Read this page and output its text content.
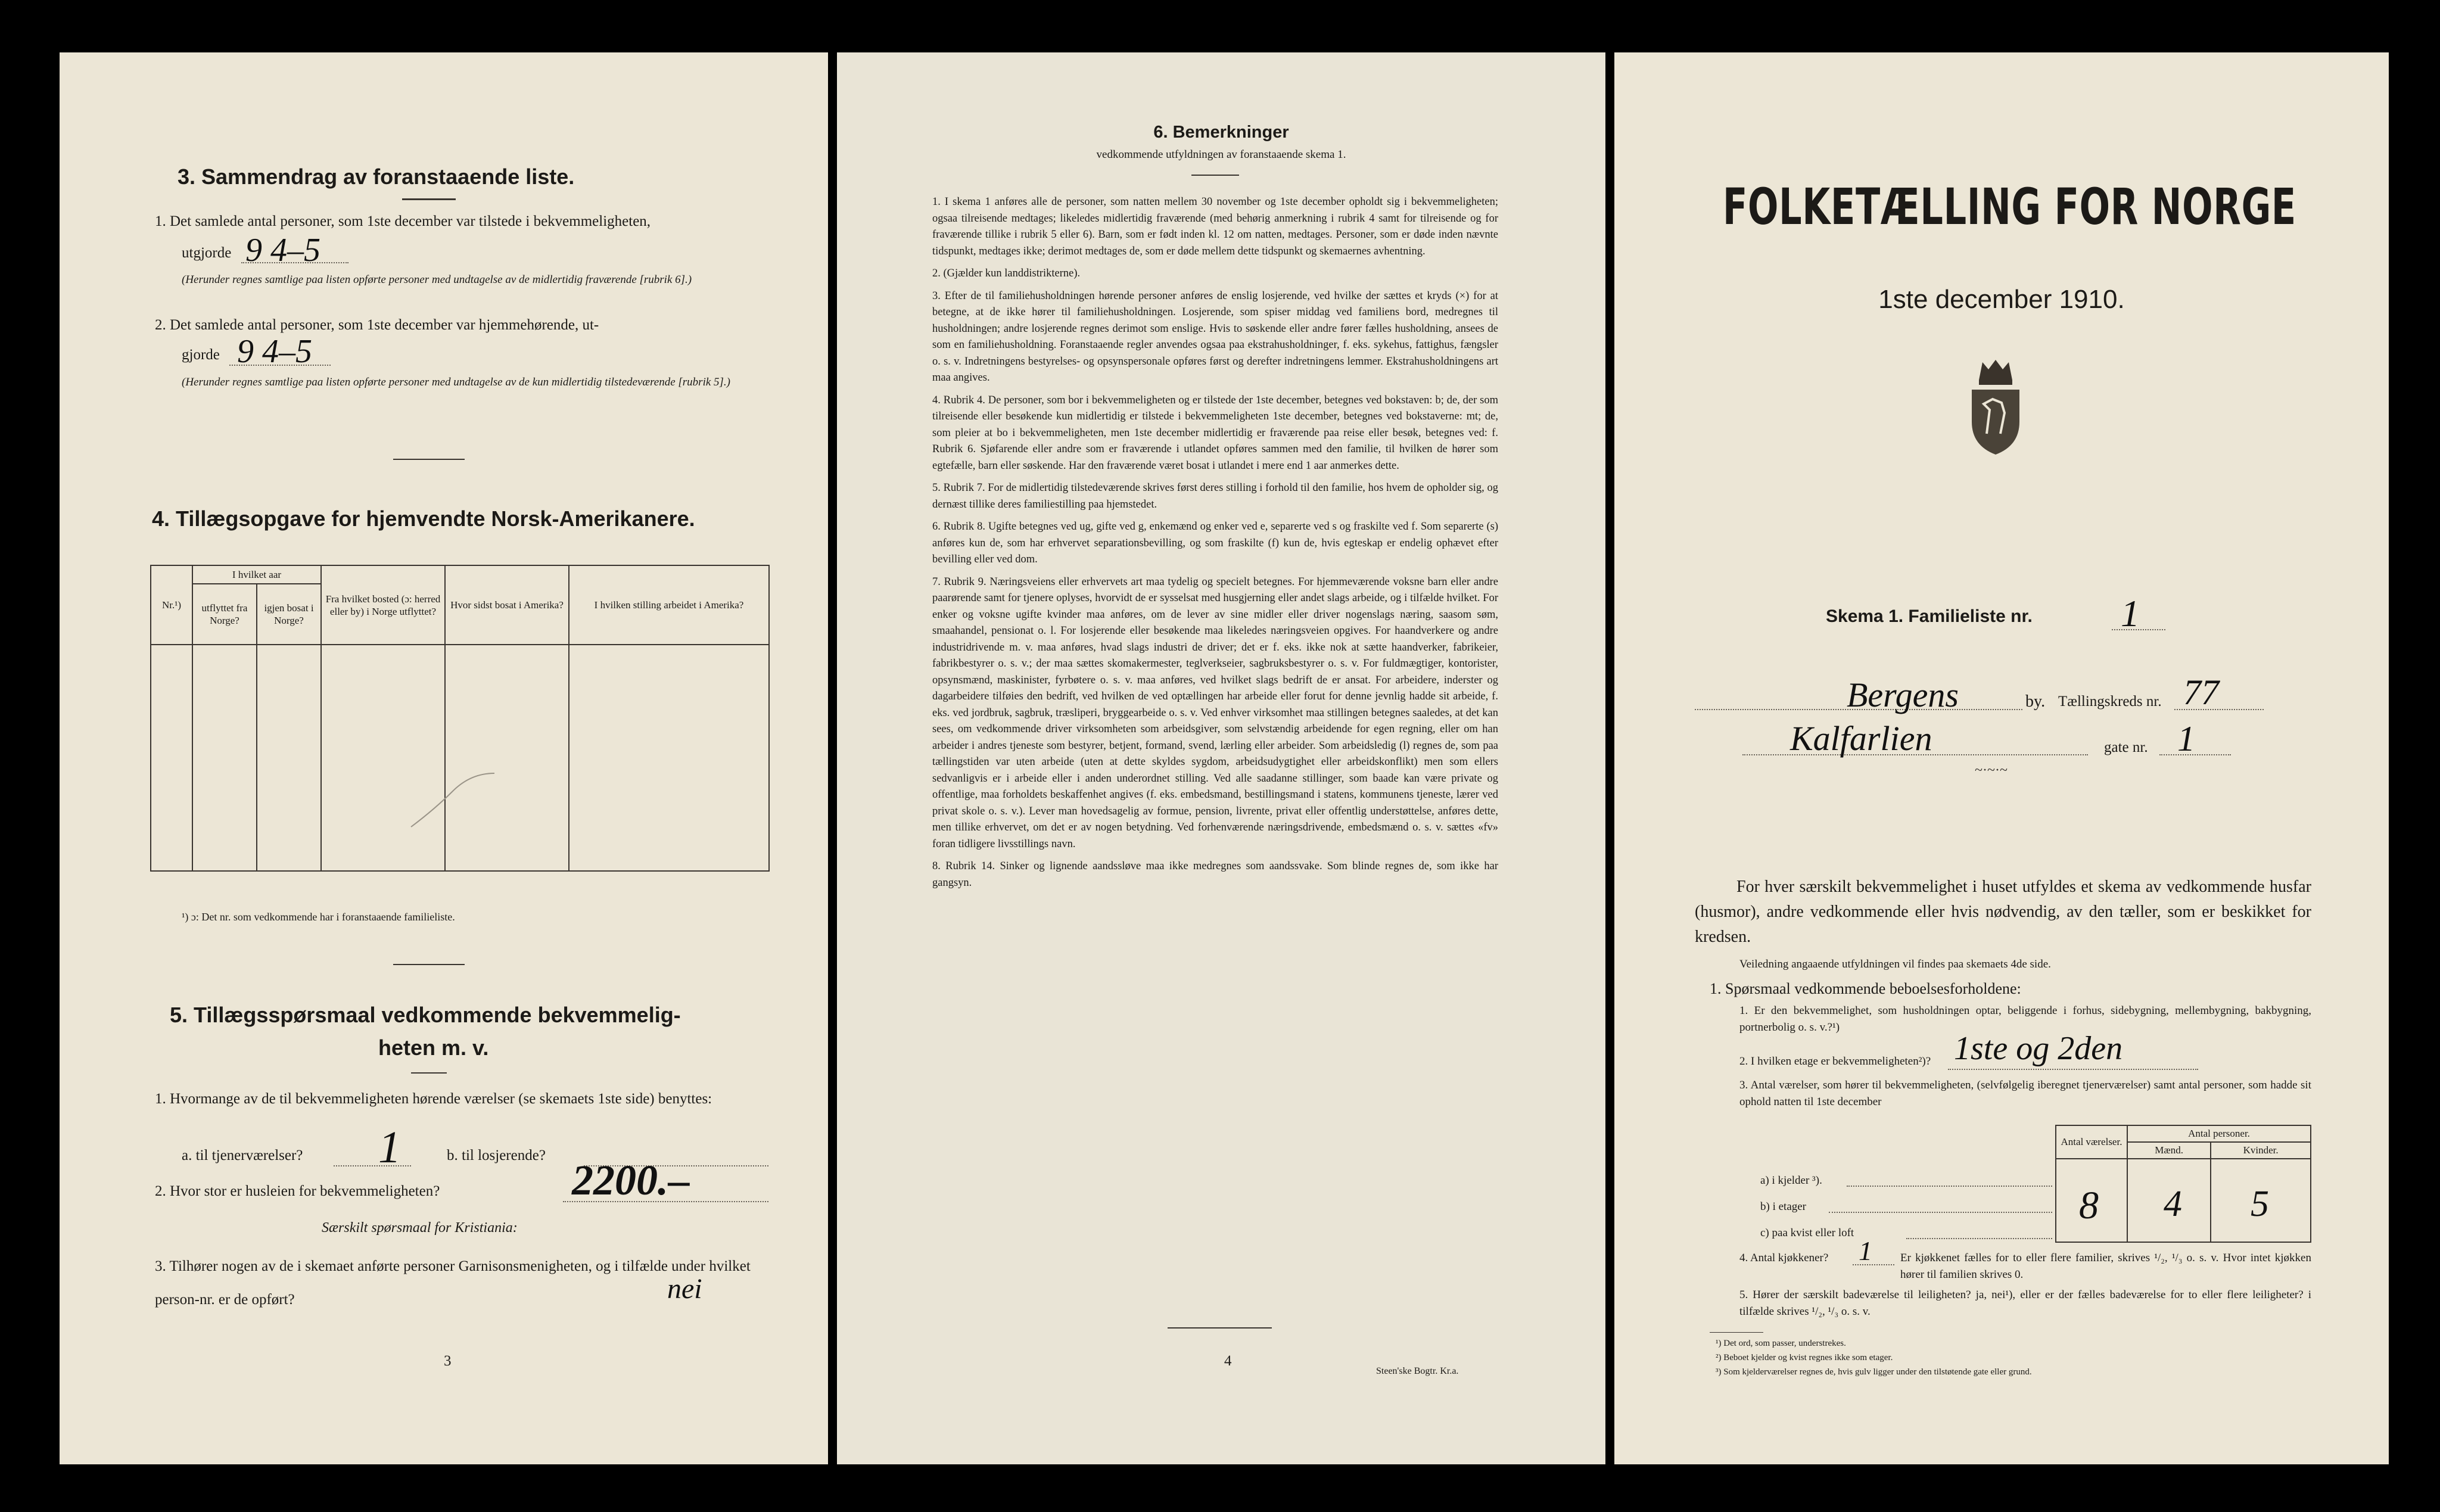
3. Sammendrag av foranstaaende liste.
1. Det samlede antal personer, som 1ste december var tilstede i bekvemmeligheten,
utgjorde 9 4–5
(Herunder regnes samtlige paa listen opførte personer med undtagelse av de midlertidig fraværende [rubrik 6].)
2. Det samlede antal personer, som 1ste december var hjemmehørende, ut-
gjorde 9 4–5
(Herunder regnes samtlige paa listen opførte personer med undtagelse av de kun midlertidig tilstedeværende [rubrik 5].)
4. Tillægsopgave for hjemvendte Norsk-Amerikanere.
Nr.¹)	I hvilket aar		Fra hvilket bosted (ɔ: herred eller by) i Norge utflyttet?	Hvor sidst bosat i Amerika?	I hvilken stilling arbeidet i Amerika?
	utflyttet fra Norge?	igjen bosat i Norge?			

¹) ɔ: Det nr. som vedkommende har i foranstaaende familieliste.
5. Tillægsspørsmaal vedkommende bekvemmelig-
heten m. v.
1. Hvormange av de til bekvemmeligheten hørende værelser (se skemaets 1ste side) benyttes:
a. til tjenerværelser? 1	b. til losjerende?
2. Hvor stor er husleien for bekvemmeligheten?	2200.–
Særskilt spørsmaal for Kristiania:
3. Tilhører nogen av de i skemaet anførte personer Garnisonsmenigheten, og i tilfælde under hvilket person-nr. er de opført?	nei
3
6. Bemerkninger
vedkommende utfyldningen av foranstaaende skema 1.

1. I skema 1 anføres alle de personer, som natten mellem 30 november og 1ste december opholdt sig i bekvemmeligheten; ogsaa tilreisende medtages; likeledes midlertidig fraværende (med behørig anmerkning i rubrik 4 samt for tilreisende og for fraværende tillike i rubrik 5 eller 6). Barn, som er født inden kl. 12 om natten, medtages. Personer, som er døde inden nævnte tidspunkt, medtages ikke; derimot medtages de, som er døde mellem dette tidspunkt og skemaernes avhentning.

2. (Gjælder kun landdistrikterne).

3. Efter de til familiehusholdningen hørende personer anføres de enslig losjerende, ved hvilke der sættes et kryds (×) for at betegne, at de ikke hører til familiehusholdningen. Losjerende, som spiser middag ved familiens bord, medregnes til husholdningen; andre losjerende regnes derimot som enslige. Hvis to søskende eller andre fører fælles husholdning, ansees de som en familiehusholdning. Foranstaaende regler anvendes ogsaa paa ekstrahusholdninger, f. eks. sykehus, fattighus, fængsler o. s. v. Indretningens bestyrelses- og opsynspersonale opføres først og derefter indretningens lemmer. Ekstrahusholdningens art maa angives.

4. Rubrik 4. De personer, som bor i bekvemmeligheten og er tilstede der 1ste december, betegnes ved bokstaven: b; de, der som tilreisende eller besøkende kun midlertidig er tilstede i bekvemmeligheten 1ste december, betegnes ved bokstaverne: mt; de, som pleier at bo i bekvemmeligheten, men 1ste december midlertidig er fraværende paa reise eller besøk, betegnes ved: f. Rubrik 6. Sjøfarende eller andre som er fraværende i utlandet opføres sammen med den familie, til hvilken de hører som egtefælle, barn eller søskende. Har den fraværende været bosat i utlandet i mere end 1 aar anmerkes dette.

5. Rubrik 7. For de midlertidig tilstedeværende skrives først deres stilling i forhold til den familie, hos hvem de opholder sig, og dernæst tillike deres familiestilling paa hjemstedet.

6. Rubrik 8. Ugifte betegnes ved ug, gifte ved g, enkemænd og enker ved e, separerte ved s og fraskilte ved f. Som separerte (s) anføres kun de, som har erhvervet separationsbevilling, og som fraskilte (f) kun de, hvis egteskap er endelig ophævet efter bevilling eller ved dom.

7. Rubrik 9. Næringsveiens eller erhvervets art maa tydelig og specielt betegnes. For hjemmeværende voksne barn eller andre paarørende samt for tjenere oplyses, hvorvidt de er sysselsat med husgjerning eller andet slags arbeide, og i tilfælde hvilket. For enker og voksne ugifte kvinder maa anføres, om de lever av sine midler eller driver nogenslags næring, saasom søm, smaahandel, pensionat o. l. For losjerende eller besøkende maa likeledes næringsveien opgives. For haandverkere og andre industridrivende m. v. maa anføres, hvad slags industri de driver; det er f. eks. ikke nok at sætte haandverker, fabrikeier, fabrikbestyrer o. s. v.; der maa sættes skomakermester, teglverkseier, sagbruksbestyrer o. s. v. For fuldmægtiger, kontorister, opsynsmænd, maskinister, fyrbøtere o. s. v. maa anføres, ved hvilket slags bedrift de er ansat. For arbeidere, inderster og dagarbeidere tilføies den bedrift, ved hvilken de ved optællingen har arbeide eller forut for denne jevnlig hadde sit arbeide, f. eks. ved jordbruk, sagbruk, træsliperi, bryggearbeide o. s. v. Ved enhver virksomhet maa stillingen betegnes saaledes, at det kan sees, om vedkommende driver virksomheten som arbeidsgiver, som selvstændig arbeidende for egen regning, eller om han arbeider i andres tjeneste som bestyrer, betjent, formand, svend, lærling eller arbeider. Som arbeidsledig (l) regnes de, som paa tællingstiden var uten arbeide (uten at dette skyldes sygdom, arbeidsudygtighet eller arbeidskonflikt) men som ellers sedvanligvis er i arbeide eller i anden underordnet stilling. Ved alle saadanne stillinger, som baade kan være private og offentlige, maa forholdets beskaffenhet angives (f. eks. embedsmand, bestillingsmand i statens, kommunens tjeneste, lærer ved privat skole o. s. v.). Lever man hovedsagelig av formue, pension, livrente, privat eller offentlig understøttelse, anføres dette, men tillike erhvervet, om det er av nogen betydning. Ved forhenværende næringsdrivende, embedsmænd o. s. v. sættes «fv» foran tidligere livsstillings navn.

8. Rubrik 14. Sinker og lignende aandssløve maa ikke medregnes som aandssvake. Som blinde regnes de, som ikke har gangsyn.

4
Steen'ske Bogtr. Kr.a.
FOLKETÆLLING FOR NORGE
1ste december 1910.
Skema 1. Familieliste nr. 1
Bergens	by. Tællingskreds nr. 77
Kalfarlien	gate nr. 1
~·~·~
For hver særskilt bekvemmelighet i huset utfyldes et skema av vedkommende husfar (husmor), andre vedkommende eller hvis nødvendig, av den tæller, som er beskikket for kredsen.
Veiledning angaaende utfyldningen vil findes paa skemaets 4de side.
1. Spørsmaal vedkommende beboelsesforholdene:
1. Er den bekvemmelighet, som husholdningen optar, beliggende i forhus, sidebygning, mellembygning, bakbygning, portnerbolig o. s. v.?¹)
2. I hvilken etage er bekvemmeligheten²)? 1ste og 2den
3. Antal værelser, som hører til bekvemmeligheten, (selvfølgelig iberegnet tjenerværelser) samt antal personer, som hadde sit ophold natten til 1ste december
Antal værelser.	Antal personer.	
	Mænd.	Kvinder.

a) i kjelder ³).
b) i etager
c) paa kvist eller loft
8 4 5
4. Antal kjøkkener? 1 Er kjøkkenet fælles for to eller flere familier, skrives ¹/₂, ¹/₃ o. s. v. Hvor intet kjøkken hører til familien skrives 0.
5. Hører der særskilt badeværelse til leiligheten? ja, nei¹), eller er der fælles badeværelse for to eller flere leiligheter? i tilfælde skrives ¹/₂, ¹/₃ o. s. v.
¹) Det ord, som passer, understrekes.
²) Beboet kjelder og kvist regnes ikke som etager.
³) Som kjelderværelser regnes de, hvis gulv ligger under den tilstøtende gate eller grund.
